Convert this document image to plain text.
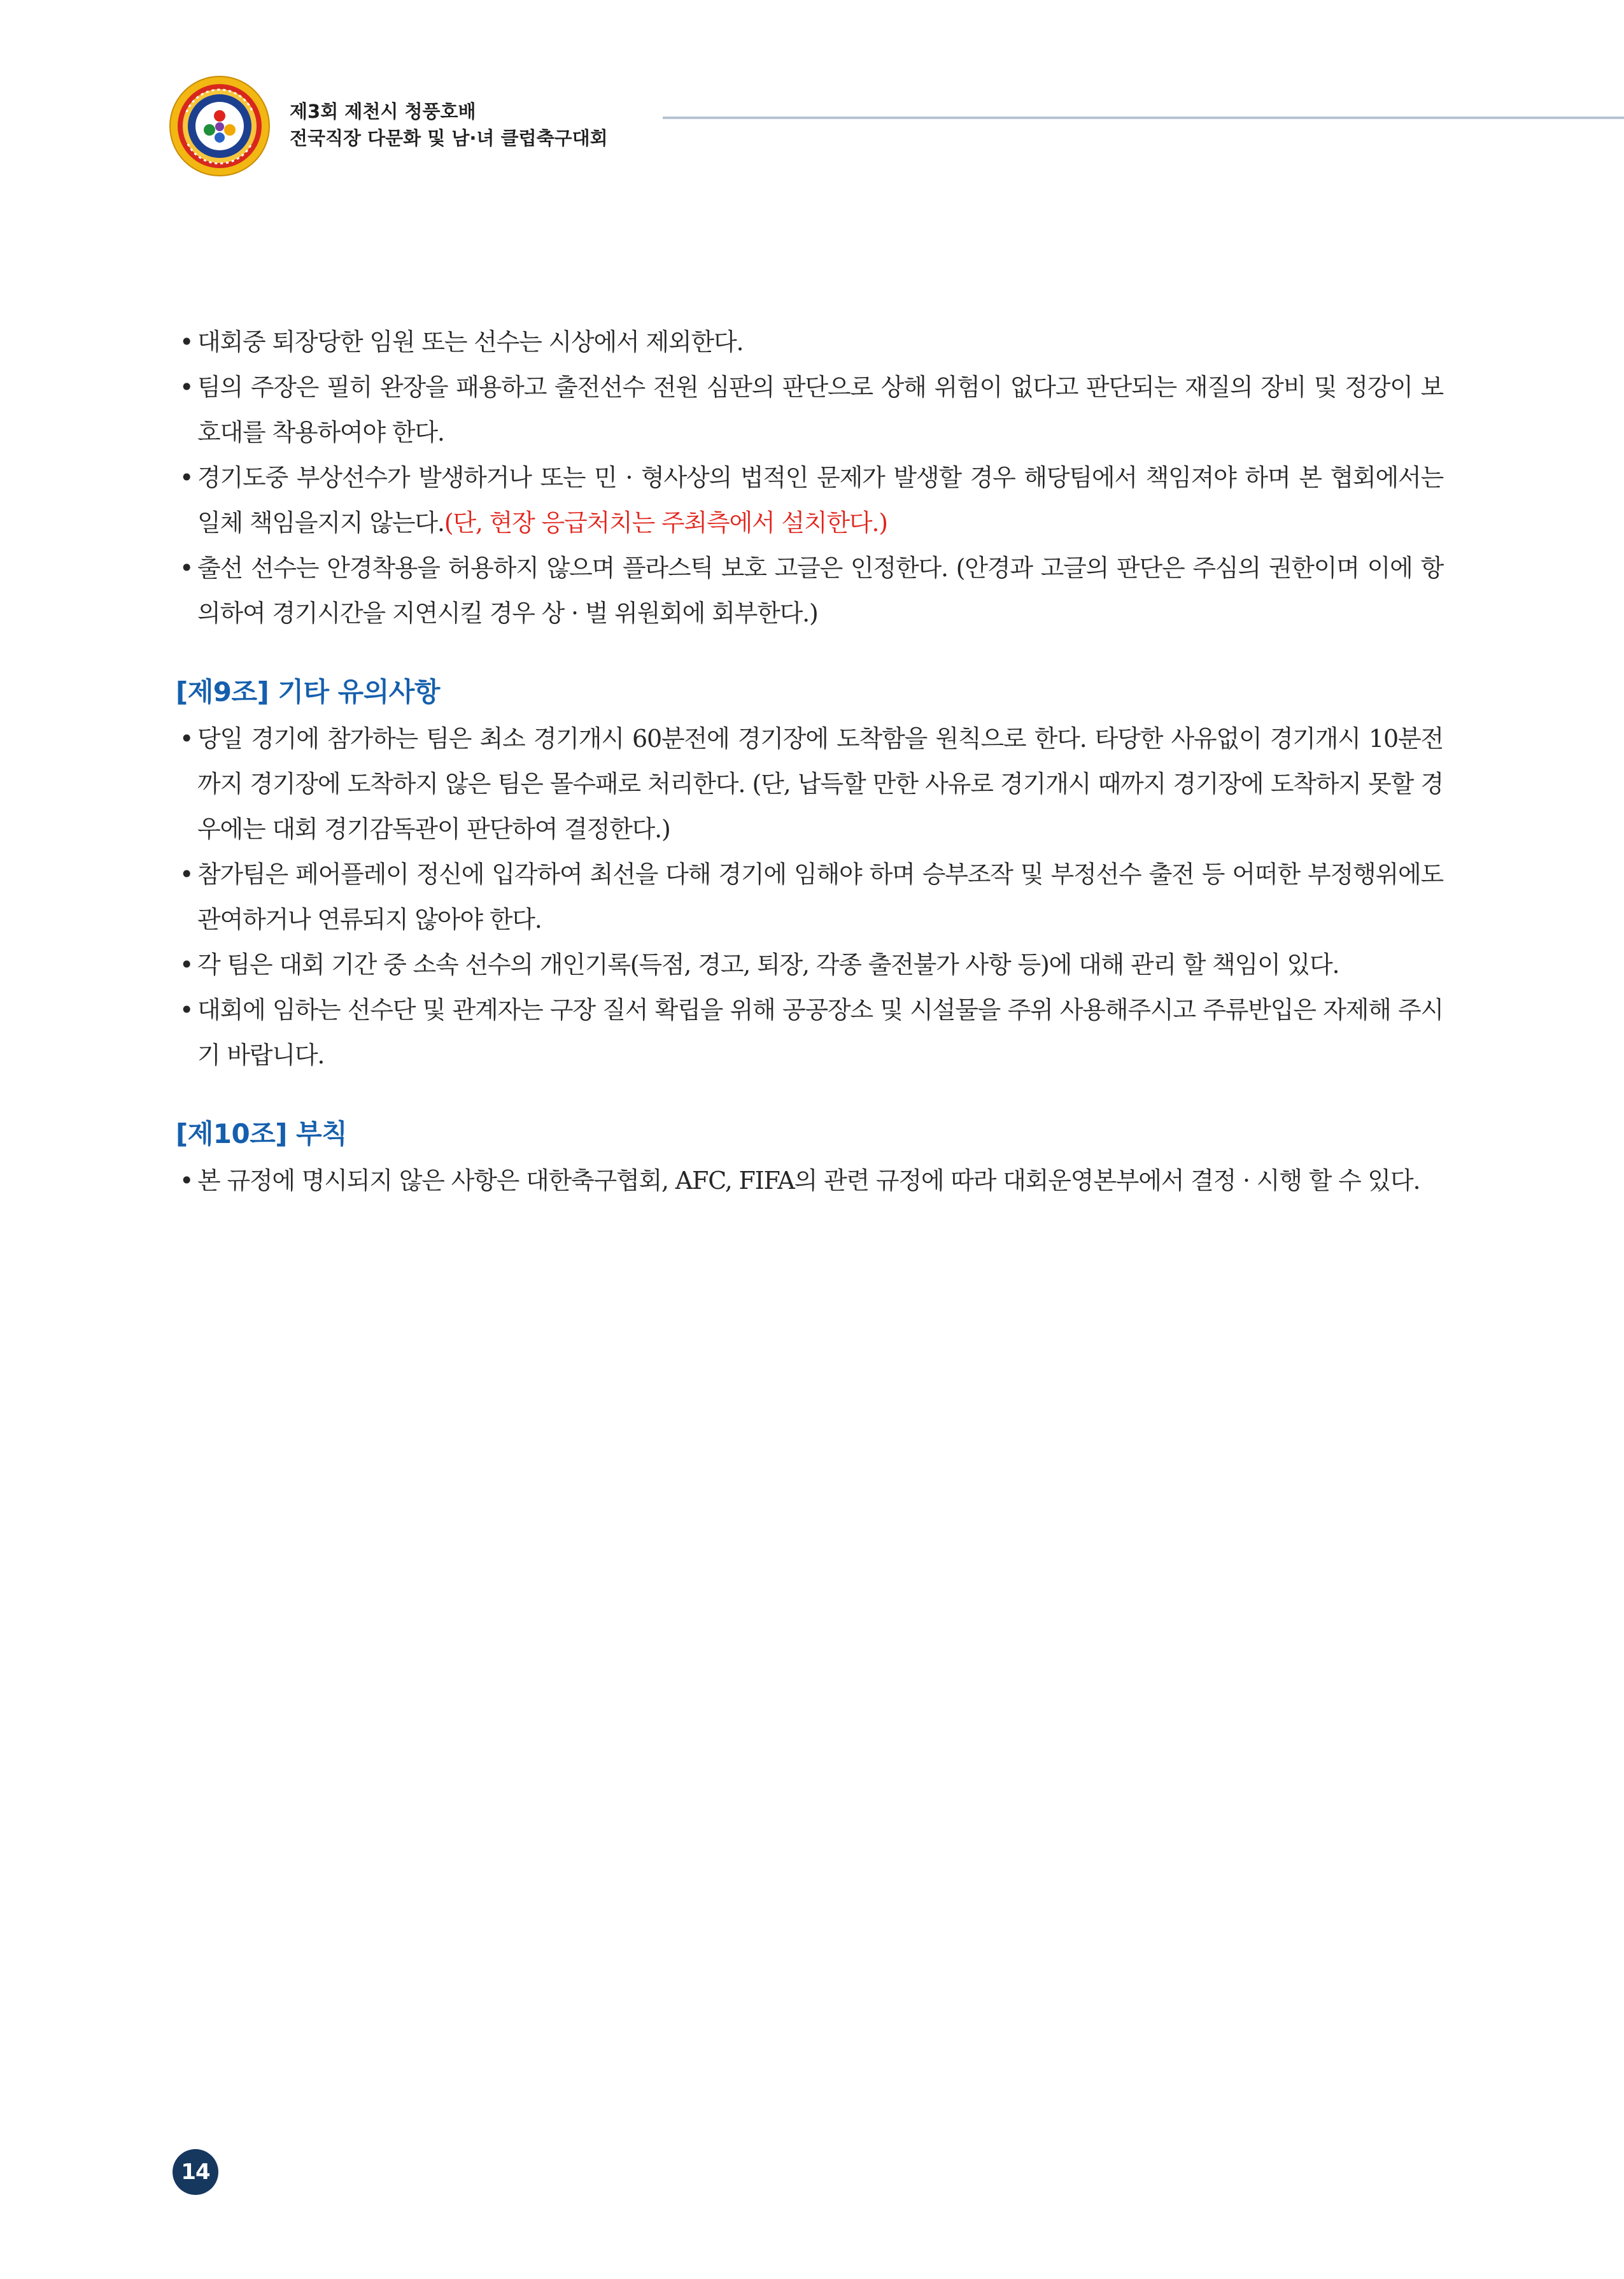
제3회 제천시 청풍호배
전국직장 다문화 및 남·녀 클럽축구대회
• 대회중 퇴장당한 임원 또는 선수는 시상에서 제외한다.
• 팀의 주장은 필히 완장을 패용하고 출전선수 전원 심판의 판단으로 상해 위험이 없다고 판단되는 재질의 장비 및 정강이 보호대를 착용하여야 한다.
• 경기도중 부상선수가 발생하거나 또는 민 · 형사상의 법적인 문제가 발생할 경우 해당팀에서 책임져야 하며 본 협회에서는 일체 책임을지지 않는다.(단, 현장 응급처치는 주최측에서 설치한다.)
• 출선 선수는 안경착용을 허용하지 않으며 플라스틱 보호 고글은 인정한다. (안경과 고글의 판단은 주심의 권한이며 이에 항의하여 경기시간을 지연시킬 경우 상 · 벌 위원회에 회부한다.)
[제9조] 기타 유의사항
• 당일 경기에 참가하는 팀은 최소 경기개시 60분전에 경기장에 도착함을 원칙으로 한다. 타당한 사유없이 경기개시 10분전까지 경기장에 도착하지 않은 팀은 몰수패로 처리한다. (단, 납득할 만한 사유로 경기개시 때까지 경기장에 도착하지 못할 경우에는 대회 경기감독관이 판단하여 결정한다.)
• 참가팀은 페어플레이 정신에 입각하여 최선을 다해 경기에 임해야 하며 승부조작 및 부정선수 출전 등 어떠한 부정행위에도 관여하거나 연류되지 않아야 한다.
• 각 팀은 대회 기간 중 소속 선수의 개인기록(득점, 경고, 퇴장, 각종 출전불가 사항 등)에 대해 관리 할 책임이 있다.
• 대회에 임하는 선수단 및 관계자는 구장 질서 확립을 위해 공공장소 및 시설물을 주위 사용해주시고 주류반입은 자제해 주시기 바랍니다.
[제10조] 부칙
• 본 규정에 명시되지 않은 사항은 대한축구협회, AFC, FIFA의 관련 규정에 따라 대회운영본부에서 결정 · 시행 할 수 있다.
14
